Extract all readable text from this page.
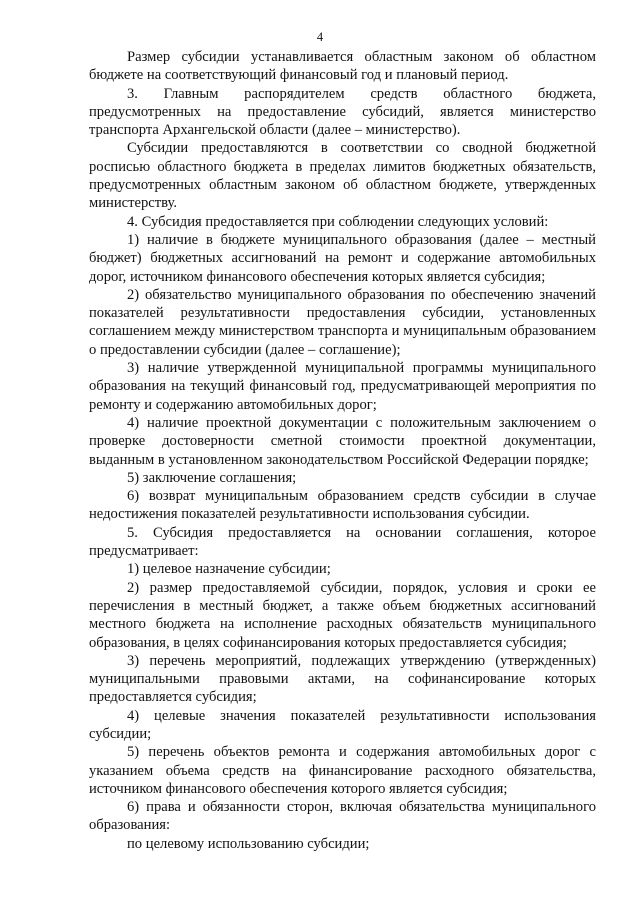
4

Размер субсидии устанавливается областным законом об областном бюджете на соответствующий финансовый год и плановый период.

3. Главным распорядителем средств областного бюджета, предусмотренных на предоставление субсидий, является министерство транспорта Архангельской области (далее – министерство).

Субсидии предоставляются в соответствии со сводной бюджетной росписью областного бюджета в пределах лимитов бюджетных обязательств, предусмотренных областным законом об областном бюджете, утвержденных министерству.

4. Субсидия предоставляется при соблюдении следующих условий:

1) наличие в бюджете муниципального образования (далее – местный бюджет) бюджетных ассигнований на ремонт и содержание автомобильных дорог, источником финансового обеспечения которых является субсидия;

2) обязательство муниципального образования по обеспечению значений показателей результативности предоставления субсидии, установленных соглашением между министерством транспорта и муниципальным образованием о предоставлении субсидии (далее – соглашение);

3) наличие утвержденной муниципальной программы муниципального образования на текущий финансовый год, предусматривающей мероприятия по ремонту и содержанию автомобильных дорог;

4) наличие проектной документации с положительным заключением о проверке достоверности сметной стоимости проектной документации, выданным в установленном законодательством Российской Федерации порядке;

5) заключение соглашения;

6) возврат муниципальным образованием средств субсидии в случае недостижения показателей результативности использования субсидии.

5. Субсидия предоставляется на основании соглашения, которое предусматривает:

1) целевое назначение субсидии;

2) размер предоставляемой субсидии, порядок, условия и сроки ее перечисления в местный бюджет, а также объем бюджетных ассигнований местного бюджета на исполнение расходных обязательств муниципального образования, в целях софинансирования которых предоставляется субсидия;

3) перечень мероприятий, подлежащих утверждению (утвержденных) муниципальными правовыми актами, на софинансирование которых предоставляется субсидия;

4) целевые значения показателей результативности использования субсидии;

5) перечень объектов ремонта и содержания автомобильных дорог с указанием объема средств на финансирование расходного обязательства, источником финансового обеспечения которого является субсидия;

6) права и обязанности сторон, включая обязательства муниципального образования:

по целевому использованию субсидии;
